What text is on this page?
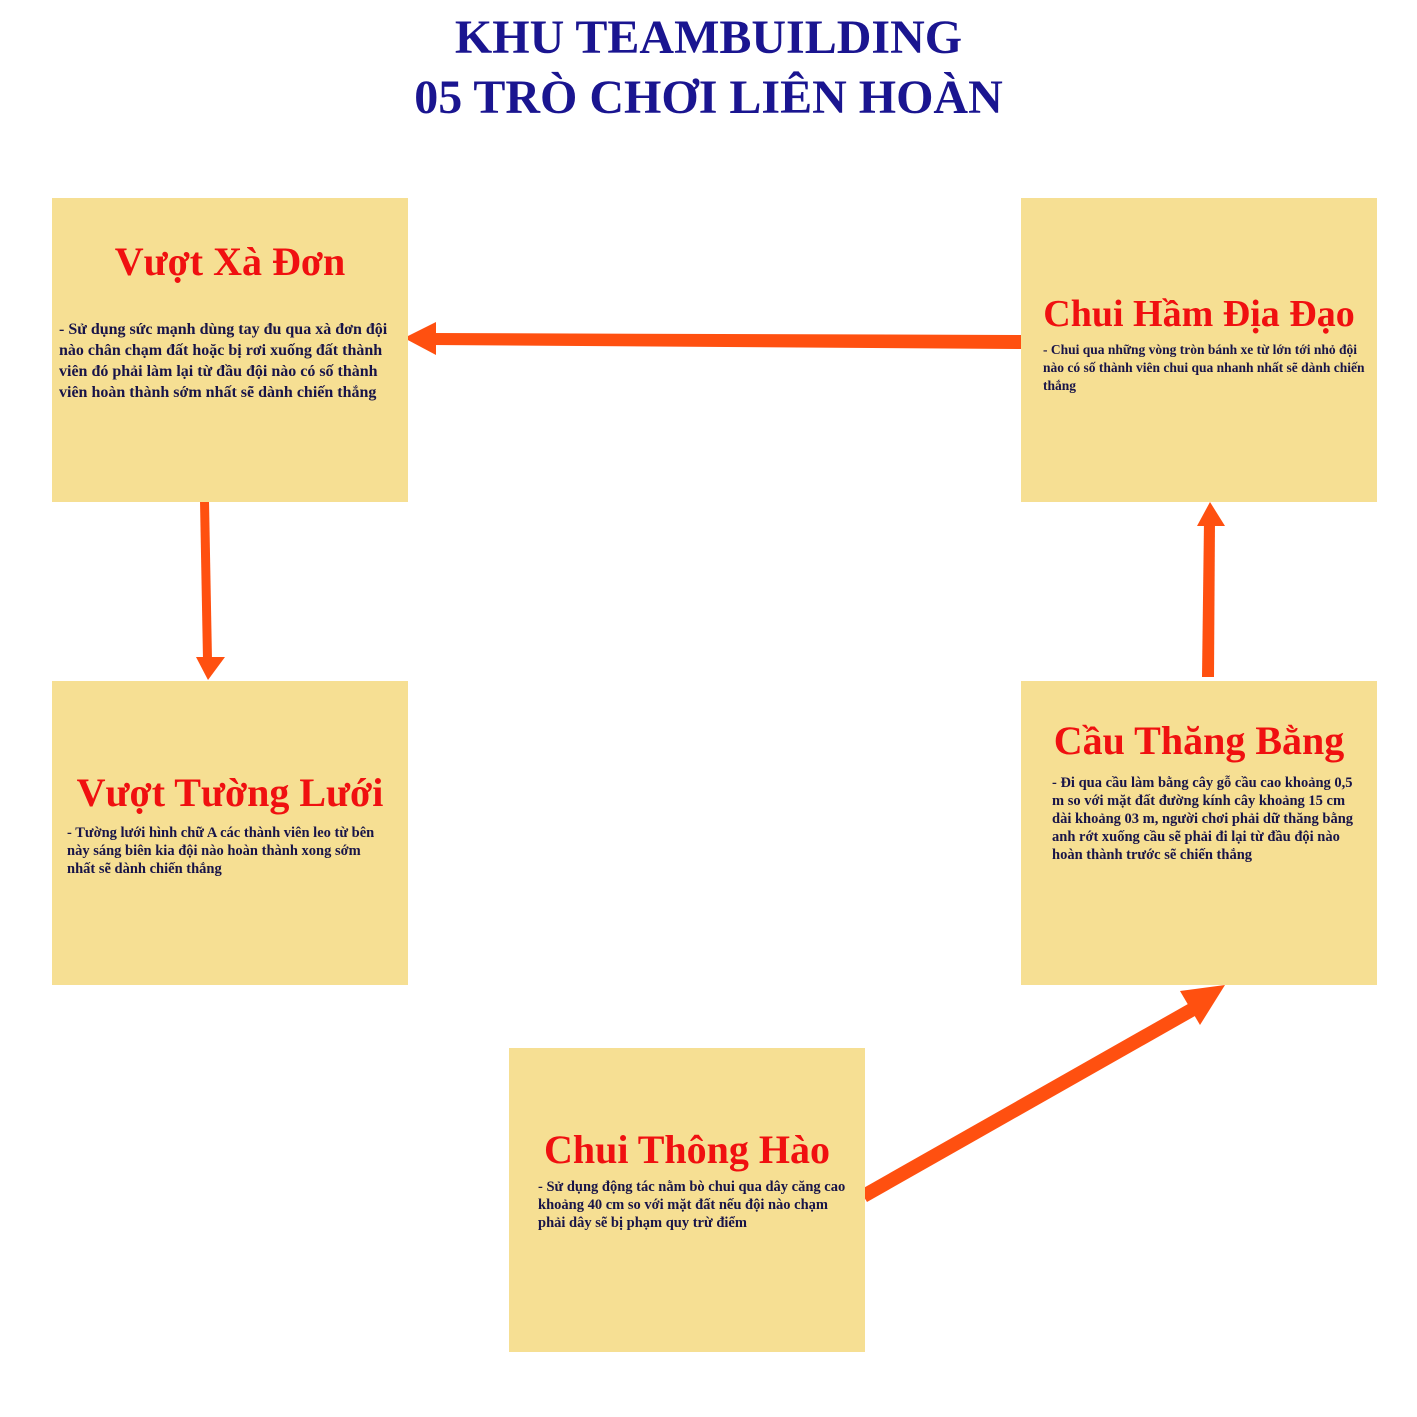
KHU TEAMBUILDING
05 TRÒ CHƠI LIÊN HOÀN
Vượt Xà Đơn

- Sử dụng sức mạnh dùng tay đu qua xà đơn đội nào chân chạm đất hoặc bị rơi xuống đất thành viên đó phải làm lại từ đầu đội nào có số thành viên hoàn thành sớm nhất sẽ dành chiến thắng

Chui Hầm Địa Đạo

- Chui qua những vòng tròn bánh xe từ lớn tới nhỏ đội nào có số thành viên chui qua nhanh nhất sẽ dành chiến thắng

Vượt Tường Lưới

- Tường lưới hình chữ A các thành viên leo từ bên này sáng biên kia đội nào hoàn thành xong sớm nhất sẽ dành chiến thắng

Cầu Thăng Bằng

- Đi qua cầu làm bằng cây gỗ cầu cao khoảng 0,5 m so với mặt đất đường kính cây khoảng 15 cm dài khoảng 03 m, người chơi phải dữ thăng bằng anh rớt xuống cầu sẽ phải đi lại từ đầu đội nào hoàn thành trước sẽ chiến thắng

Chui Thông Hào

- Sử dụng động tác nằm bò chui qua dây căng cao khoảng 40 cm so với mặt đất nếu đội nào chạm phải dây sẽ bị phạm quy trừ điểm
